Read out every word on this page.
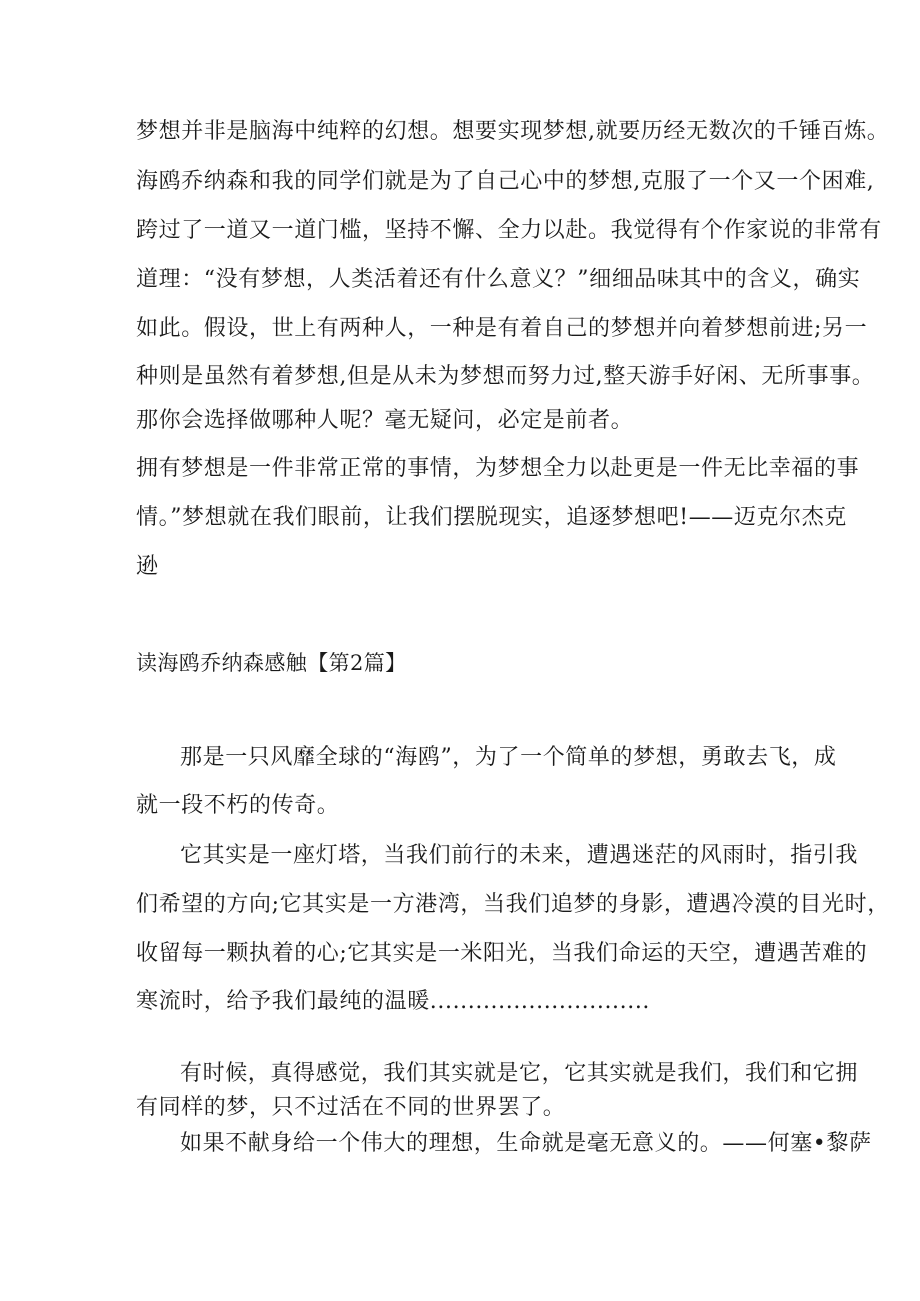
梦想并非是脑海中纯粹的幻想。想要实现梦想,就要历经无数次的千锤百炼。
海鸥乔纳森和我的同学们就是为了自己心中的梦想,克服了一个又一个困难,
跨过了一道又一道门槛，坚持不懈、全力以赴。我觉得有个作家说的非常有
道理：“没有梦想，人类活着还有什么意义？”细细品味其中的含义，确实
如此。假设，世上有两种人，一种是有着自己的梦想并向着梦想前进;另一
种则是虽然有着梦想,但是从未为梦想而努力过,整天游手好闲、无所事事。
那你会选择做哪种人呢？毫无疑问，必定是前者。
拥有梦想是一件非常正常的事情，为梦想全力以赴更是一件无比幸福的事
情。”梦想就在我们眼前，让我们摆脱现实，追逐梦想吧!——迈克尔杰克
逊
读海鸥乔纳森感触【第2篇】
那是一只风靡全球的“海鸥”，为了一个简单的梦想，勇敢去飞，成
就一段不朽的传奇。
它其实是一座灯塔，当我们前行的未来，遭遇迷茫的风雨时，指引我
们希望的方向;它其实是一方港湾，当我们追梦的身影，遭遇冷漠的目光时，
收留每一颗执着的心;它其实是一米阳光，当我们命运的天空，遭遇苦难的
寒流时，给予我们最纯的温暖.............................
有时候，真得感觉，我们其实就是它，它其实就是我们，我们和它拥
有同样的梦，只不过活在不同的世界罢了。
如果不献身给一个伟大的理想，生命就是毫无意义的。——何塞•黎萨
